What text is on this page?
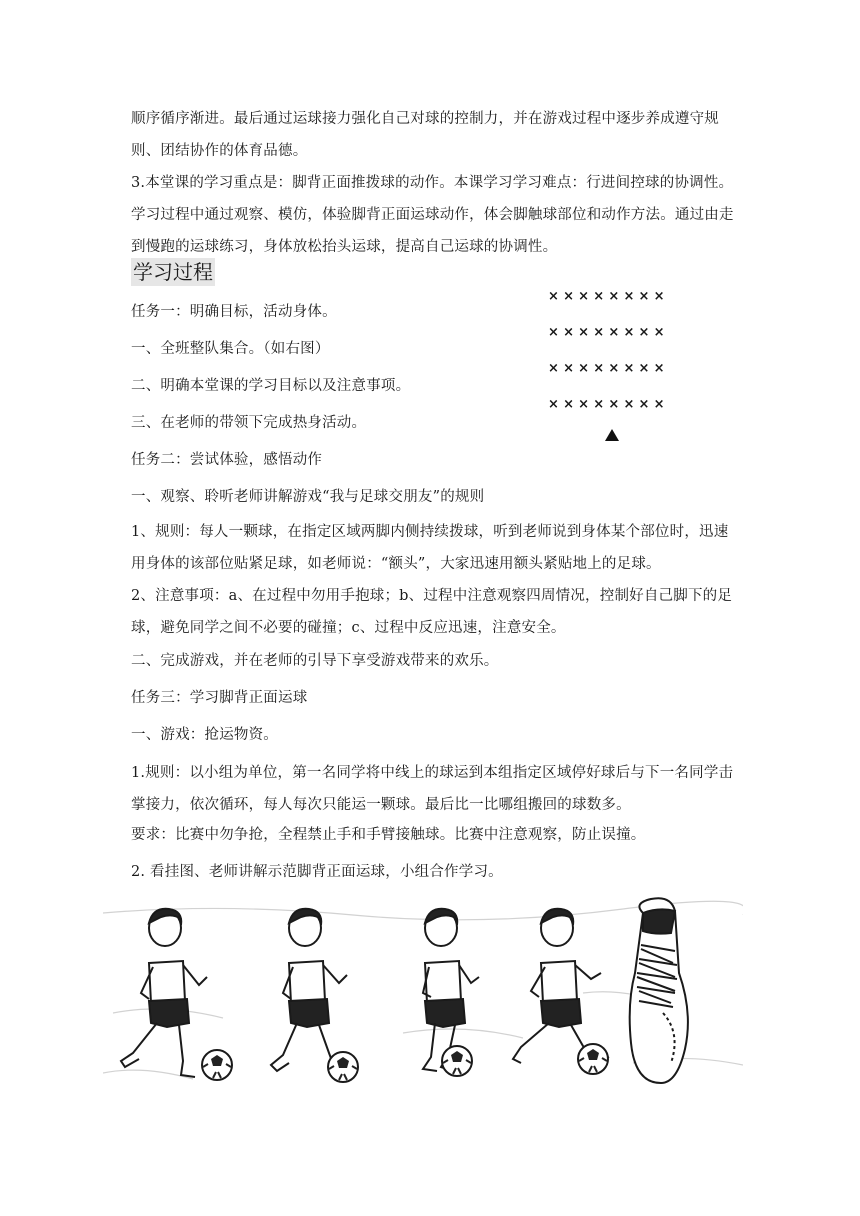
顺序循序渐进。最后通过运球接力强化自己对球的控制力，并在游戏过程中逐步养成遵守规则、团结协作的体育品德。

3.本堂课的学习重点是：脚背正面推拨球的动作。本课学习学习难点：行进间控球的协调性。学习过程中通过观察、模仿，体验脚背正面运球动作，体会脚触球部位和动作方法。通过由走到慢跑的运球练习，身体放松抬头运球，提高自己运球的协调性。

学习过程

任务一：明确目标，活动身体。

一、全班整队集合。（如右图）

二、明确本堂课的学习目标以及注意事项。

三、在老师的带领下完成热身活动。

××××××××
××××××××
××××××××
××××××××

任务二：尝试体验，感悟动作

一、观察、聆听老师讲解游戏“我与足球交朋友”的规则

1、规则：每人一颗球，在指定区域两脚内侧持续拨球，听到老师说到身体某个部位时，迅速用身体的该部位贴紧足球，如老师说：“额头”，大家迅速用额头紧贴地上的足球。

2、注意事项：a、在过程中勿用手抱球；b、过程中注意观察四周情况，控制好自己脚下的足球，避免同学之间不必要的碰撞；c、过程中反应迅速，注意安全。

二、完成游戏，并在老师的引导下享受游戏带来的欢乐。

任务三：学习脚背正面运球

一、游戏：抢运物资。

1.规则：以小组为单位，第一名同学将中线上的球运到本组指定区域停好球后与下一名同学击掌接力，依次循环，每人每次只能运一颗球。最后比一比哪组搬回的球数多。

要求：比赛中勿争抢，全程禁止手和手臂接触球。比赛中注意观察，防止误撞。

2. 看挂图、老师讲解示范脚背正面运球，小组合作学习。
